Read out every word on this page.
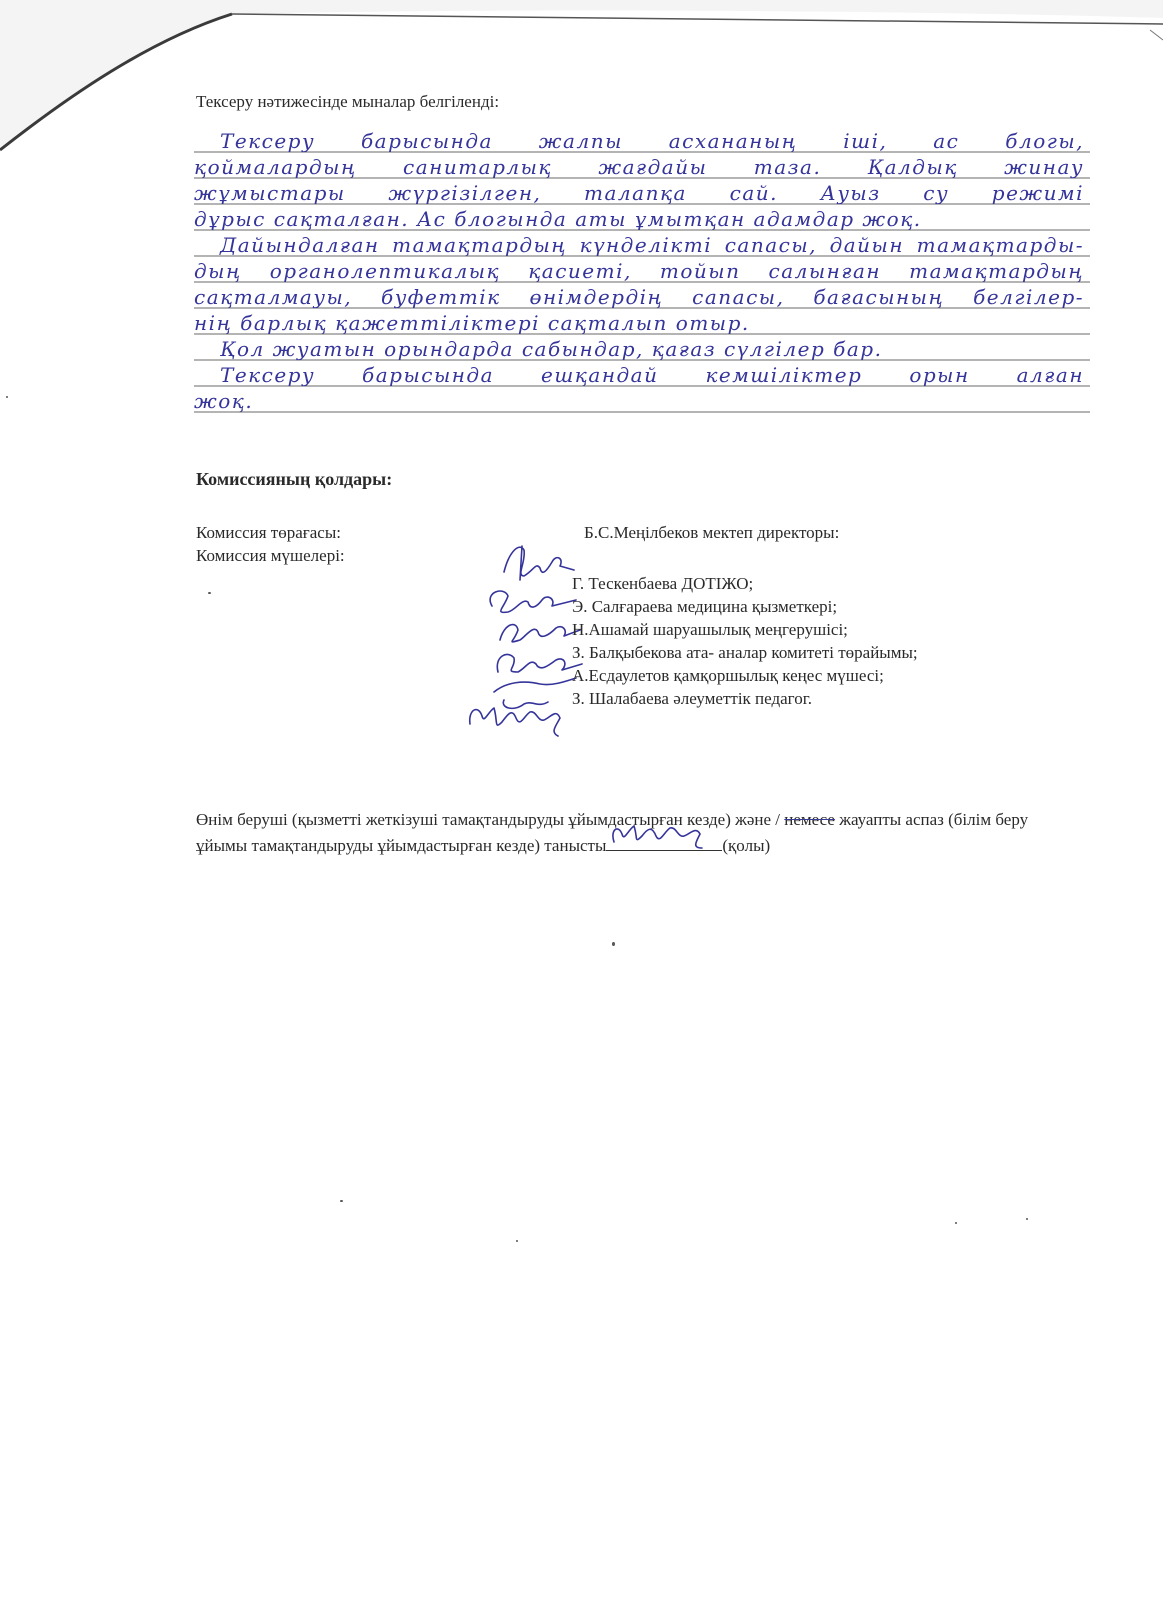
Тексеру нәтижесінде мыналар белгіленді:
Тексеру барысында жалпы асхананың іші, ас блогы,
қоймалардың санитарлық жағдайы таза. Қалдық жинау
жұмыстары жүргізілген, талапқа сай. Ауыз су режимі
дұрыс сақталған. Ас блогында аты ұмытқан адамдар жоқ.
Дайындалған тамақтардың күнделікті сапасы, дайын тамақтарды-
дың органолептикалық қасиеті, тойып салынған тамақтардың
сақталмауы, буфеттік өнімдердің сапасы, бағасының белгілер-
нің барлық қажеттіліктері сақталып отыр.
Қол жуатын орындарда сабындар, қағаз сүлгілер бар.
Тексеру барысында ешқандай кемшіліктер орын алған
жоқ.
Комиссияның қолдары:

Комиссия төрағасы:	Б.С.Меңілбеков мектеп директоры:

Комиссия мүшелері:

Г. Тескенбаева ДОТІЖО;
Э. Салғараева медицина қызметкері;
Н.Ашамай шаруашылық меңгерушісі;
З. Балқыбекова ата- аналар комитеті төрайымы;
А.Есдаулетов қамқоршылық кеңес мүшесі;
З. Шалабаева әлеуметтік педагог.
Өнім беруші (қызметті жеткізуші тамақтандыруды ұйымдастырған кезде) және / немесе жауапты аспаз (білім беру ұйымы тамақтандыруды ұйымдастырған кезде) танысты	(қолы)
